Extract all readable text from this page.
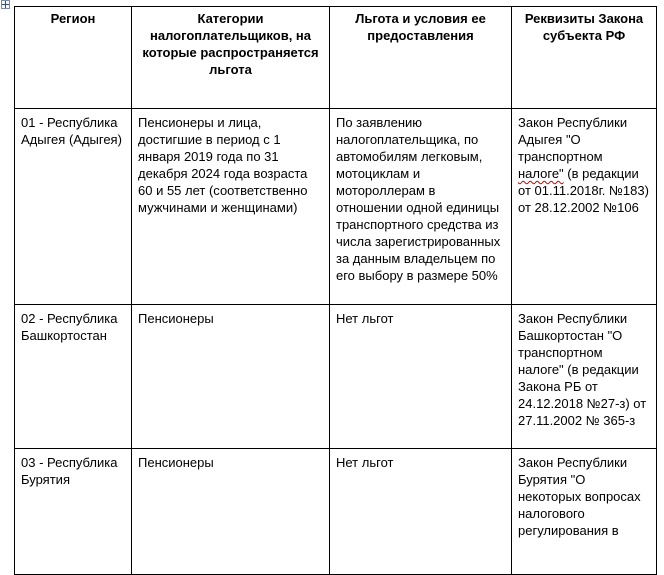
Регион	Категории налогоплательщиков, на которые распространяется льгота	Льгота и условия ее предоставления	Реквизиты Закона субъекта РФ
01 - Республика Адыгея (Адыгея)	Пенсионеры и лица, достигшие в период с 1 января 2019 года по 31 декабря 2024 года возраста 60 и 55 лет (соответственно мужчинами и женщинами)	По заявлению налогоплательщика, по автомобилям легковым, мотоциклам и мотороллерам в отношении одной единицы транспортного средства из числа зарегистрированных за данным владельцем по его выбору в размере 50%	Закон Республики Адыгея "О транспортном налоге" (в редакции от 01.11.2018г. №183) от 28.12.2002 №106
02 - Республика Башкортостан	Пенсионеры	Нет льгот	Закон Республики Башкортостан "О транспортном налоге" (в редакции Закона РБ от 24.12.2018 №27-з) от 27.11.2002 № 365-з
03 - Республика Бурятия	Пенсионеры	Нет льгот	Закон Республики Бурятия "О некоторых вопросах налогового регулирования в
